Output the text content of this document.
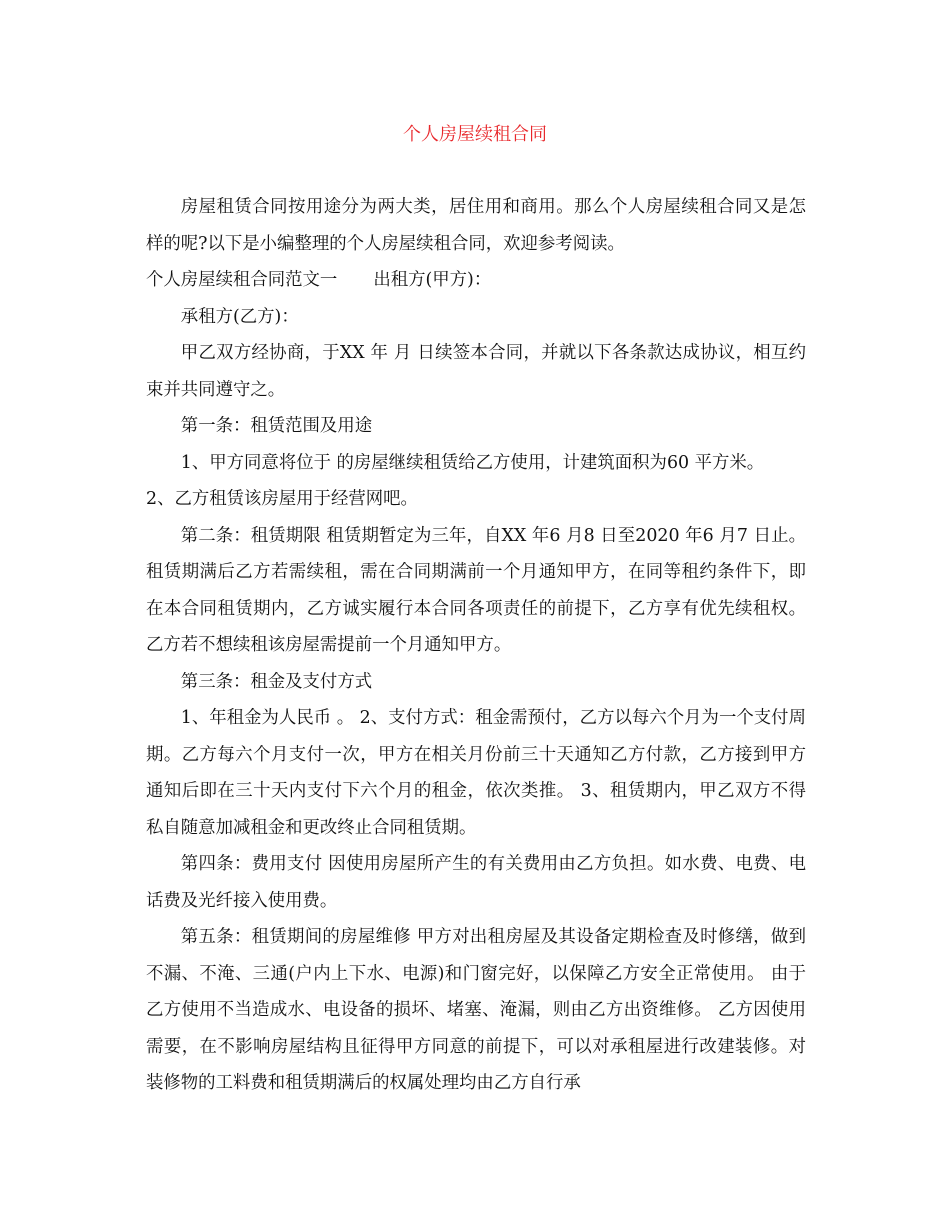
个人房屋续租合同

房屋租赁合同按用途分为两大类，居住用和商用。那么个人房屋续租合同又是怎样的呢?以下是小编整理的个人房屋续租合同，欢迎参考阅读。

个人房屋续租合同范文一 出租方(甲方)：

承租方(乙方)：

甲乙双方经协商，于XX 年 月 日续签本合同，并就以下各条款达成协议，相互约束并共同遵守之。

第一条：租赁范围及用途

1、甲方同意将位于 的房屋继续租赁给乙方使用，计建筑面积为60 平方米。

2、乙方租赁该房屋用于经营网吧。

第二条：租赁期限 租赁期暂定为三年，自XX 年6 月8 日至2020 年6 月7 日止。租赁期满后乙方若需续租，需在合同期满前一个月通知甲方，在同等租约条件下，即在本合同租赁期内，乙方诚实履行本合同各项责任的前提下，乙方享有优先续租权。乙方若不想续租该房屋需提前一个月通知甲方。

第三条：租金及支付方式

1、年租金为人民币 。 2、支付方式：租金需预付，乙方以每六个月为一个支付周期。乙方每六个月支付一次，甲方在相关月份前三十天通知乙方付款，乙方接到甲方通知后即在三十天内支付下六个月的租金，依次类推。 3、租赁期内，甲乙双方不得私自随意加减租金和更改终止合同租赁期。

第四条：费用支付 因使用房屋所产生的有关费用由乙方负担。如水费、电费、电话费及光纤接入使用费。

第五条：租赁期间的房屋维修 甲方对出租房屋及其设备定期检查及时修缮，做到不漏、不淹、三通(户内上下水、电源)和门窗完好，以保障乙方安全正常使用。 由于乙方使用不当造成水、电设备的损坏、堵塞、淹漏，则由乙方出资维修。 乙方因使用需要，在不影响房屋结构且征得甲方同意的前提下，可以对承租屋进行改建装修。对装修物的工料费和租赁期满后的权属处理均由乙方自行承
